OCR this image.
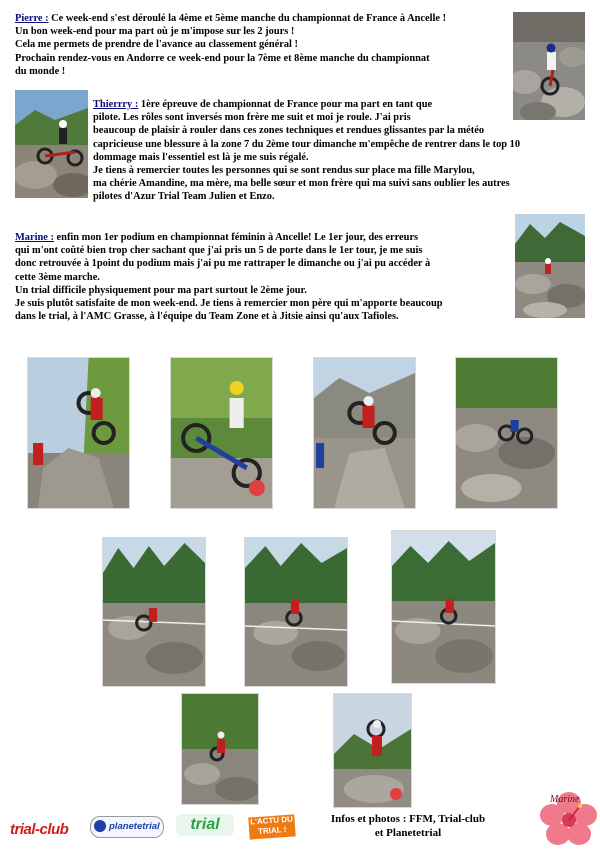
Pierre : Ce week-end s'est déroulé la 4ème et 5ème manche du championnat de France à Ancelle !
Un bon week-end pour ma part où je m'impose sur les 2 jours !
Cela me permets de prendre de l'avance au classement général !
Prochain rendez-vous en Andorre ce week-end pour la 7ème et 8ème manche du championnat
du monde !
Thierrry : 1ère épreuve de championnat de France pour ma part en tant que
pilote. Les rôles sont inversés mon frère me suit et moi je roule. J'ai pris
beaucoup de plaisir à rouler dans ces zones techniques et rendues glissantes par la météo
capricieuse une blessure à la zone 7 du 2ème tour dimanche m'empêche de rentrer dans le top 10
dommage mais l'essentiel est là je me suis régalé.
Je tiens à remercier toutes les personnes qui se sont rendus sur place ma fille Marylou,
ma chérie Amandine, ma mère, ma belle sœur et mon frère qui ma suivi sans oublier les autres
pilotes d'Azur Trial Team Julien et Enzo.
Marine : enfin mon 1er podium en championnat féminin à Ancelle! Le 1er jour, des erreurs
qui m'ont coûté bien trop cher sachant que j'ai pris un 5 de porte dans le 1er tour, je me suis
donc retrouvée à 1point du podium mais j'ai pu me rattraper le dimanche ou j'ai pu accéder à
cette 3ème marche.
Un trial difficile physiquement pour ma part surtout le 2ème jour.
Je suis plutôt satisfaite de mon week-end. Je tiens à remercier mon père qui m'apporte beaucoup
dans le trial, à l'AMC Grasse, à l'équipe du Team Zone et à Jitsie ainsi qu'aux Tafioles.
trial-club	planetetrial	trial	L'ACTU DU
TRIAL !
Infos et photos : FFM, Trial-club
et Planetetrial
Marine
